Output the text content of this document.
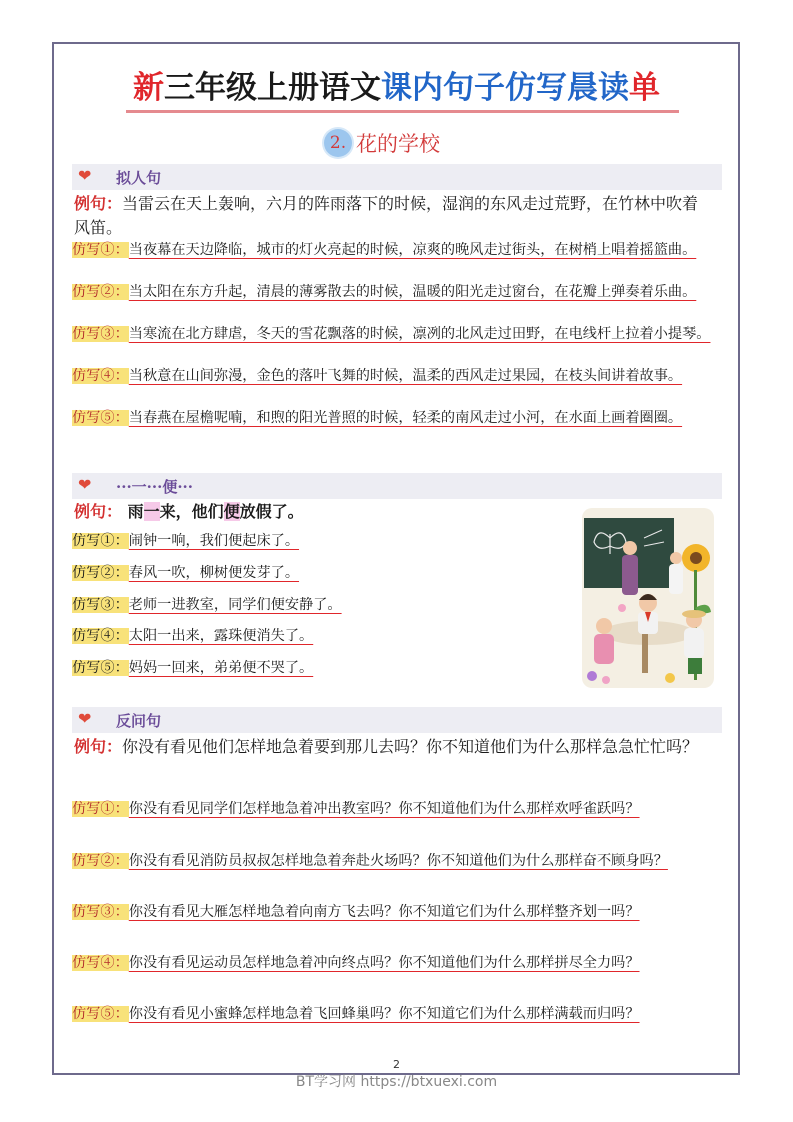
新三年级上册语文课内句子仿写晨读单
2. 花的学校
❤ 拟人句
例句：当雷云在天上轰响，六月的阵雨落下的时候，湿润的东风走过荒野，在竹林中吹着风笛。
仿写①：当夜幕在天边降临，城市的灯火亮起的时候，凉爽的晚风走过街头，在树梢上唱着摇篮曲。
仿写②：当太阳在东方升起，清晨的薄雾散去的时候，温暖的阳光走过窗台，在花瓣上弹奏着乐曲。
仿写③：当寒流在北方肆虐，冬天的雪花飘落的时候，凛冽的北风走过田野，在电线杆上拉着小提琴。
仿写④：当秋意在山间弥漫，金色的落叶飞舞的时候，温柔的西风走过果园，在枝头间讲着故事。
仿写⑤：当春燕在屋檐呢喃，和煦的阳光普照的时候，轻柔的南风走过小河，在水面上画着圈圈。
❤ ···一···便···
例句： 雨一来，他们便放假了。
仿写①：闹钟一响，我们便起床了。
仿写②：春风一吹，柳树便发芽了。
仿写③：老师一进教室，同学们便安静了。
仿写④：太阳一出来，露珠便消失了。
仿写⑤：妈妈一回来，弟弟便不哭了。
❤ 反问句
例句：你没有看见他们怎样地急着要到那儿去吗？你不知道他们为什么那样急急忙忙吗？
仿写①：你没有看见同学们怎样地急着冲出教室吗？你不知道他们为什么那样欢呼雀跃吗？
仿写②：你没有看见消防员叔叔怎样地急着奔赴火场吗？你不知道他们为什么那样奋不顾身吗？
仿写③：你没有看见大雁怎样地急着向南方飞去吗？你不知道它们为什么那样整齐划一吗？
仿写④：你没有看见运动员怎样地急着冲向终点吗？你不知道他们为什么那样拼尽全力吗？
仿写⑤：你没有看见小蜜蜂怎样地急着飞回蜂巢吗？你不知道它们为什么那样满载而归吗？
2
BT学习网 https://btxuexi.com
